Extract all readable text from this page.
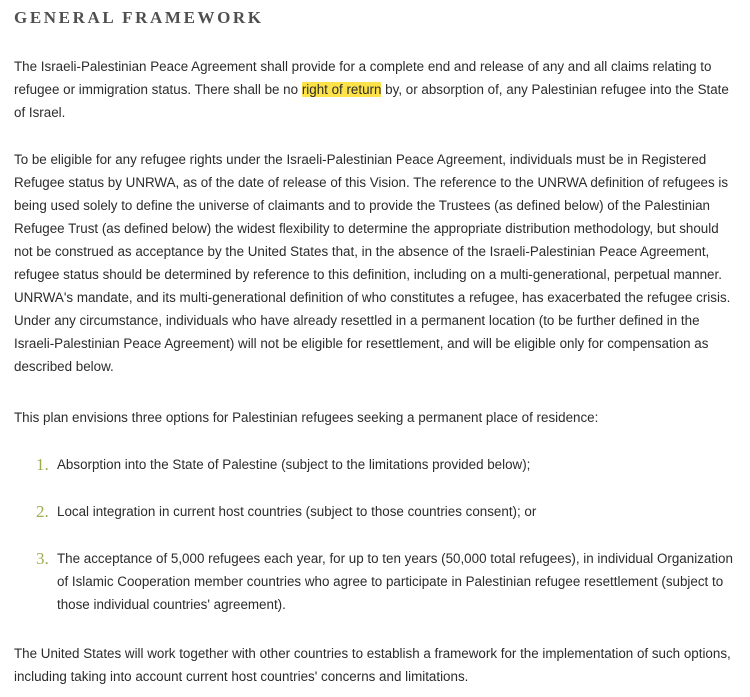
GENERAL FRAMEWORK

The Israeli-Palestinian Peace Agreement shall provide for a complete end and release of any and all claims relating to refugee or immigration status. There shall be no right of return by, or absorption of, any Palestinian refugee into the State of Israel.

To be eligible for any refugee rights under the Israeli-Palestinian Peace Agreement, individuals must be in Registered Refugee status by UNRWA, as of the date of release of this Vision. The reference to the UNRWA definition of refugees is being used solely to define the universe of claimants and to provide the Trustees (as defined below) of the Palestinian Refugee Trust (as defined below) the widest flexibility to determine the appropriate distribution methodology, but should not be construed as acceptance by the United States that, in the absence of the Israeli-Palestinian Peace Agreement, refugee status should be determined by reference to this definition, including on a multi-generational, perpetual manner. UNRWA's mandate, and its multi-generational definition of who constitutes a refugee, has exacerbated the refugee crisis. Under any circumstance, individuals who have already resettled in a permanent location (to be further defined in the Israeli-Palestinian Peace Agreement) will not be eligible for resettlement, and will be eligible only for compensation as described below.

This plan envisions three options for Palestinian refugees seeking a permanent place of residence:

1. Absorption into the State of Palestine (subject to the limitations provided below);
2. Local integration in current host countries (subject to those countries consent); or
3. The acceptance of 5,000 refugees each year, for up to ten years (50,000 total refugees), in individual Organization of Islamic Cooperation member countries who agree to participate in Palestinian refugee resettlement (subject to those individual countries' agreement).

The United States will work together with other countries to establish a framework for the implementation of such options, including taking into account current host countries' concerns and limitations.
